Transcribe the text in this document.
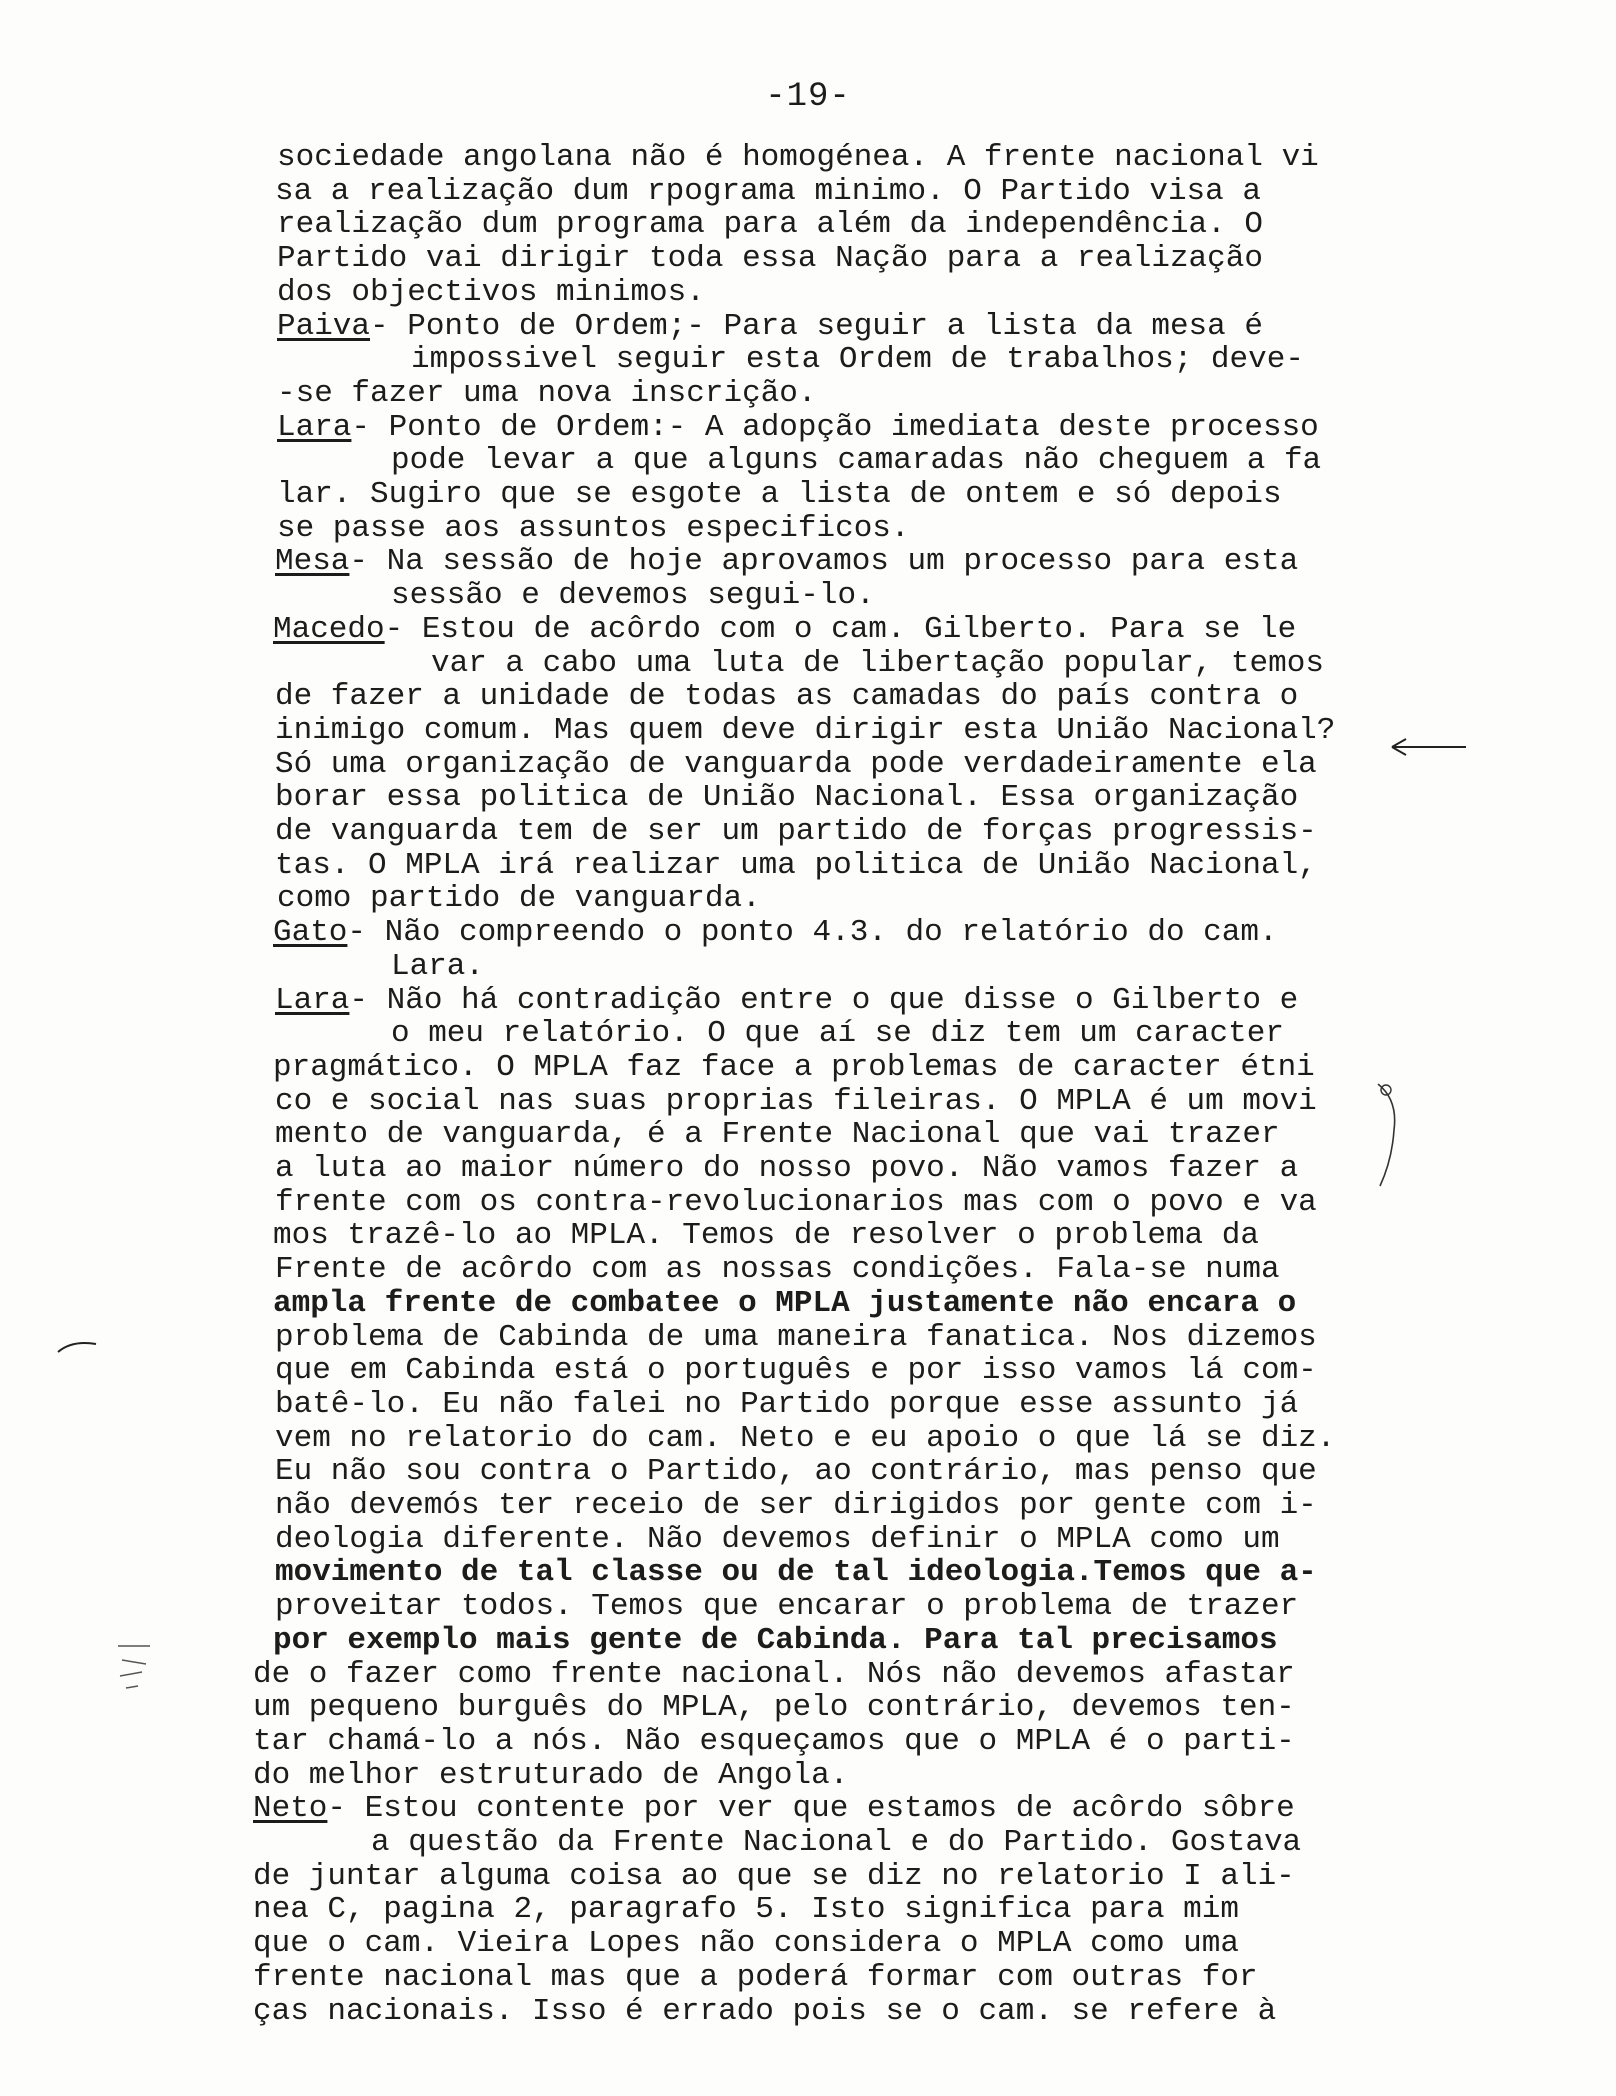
-19-
sociedade angolana não é homogénea. A frente nacional vi
sa a realização dum rpograma minimo. O Partido visa a
realização dum programa para além da independência. O
Partido vai dirigir toda essa Nação para a realização
dos objectivos minimos.
Paiva- Ponto de Ordem;- Para seguir a lista da mesa é
impossivel seguir esta Ordem de trabalhos; deve-
-se fazer uma nova inscrição.
Lara- Ponto de Ordem:- A adopção imediata deste processo
pode levar a que alguns camaradas não cheguem a fa
lar. Sugiro que se esgote a lista de ontem e só depois
se passe aos assuntos especificos.
Mesa- Na sessão de hoje aprovamos um processo para esta
sessão e devemos segui-lo.
Macedo- Estou de acôrdo com o cam. Gilberto. Para se le
var a cabo uma luta de libertação popular, temos
de fazer a unidade de todas as camadas do país contra o
inimigo comum. Mas quem deve dirigir esta União Nacional?
Só uma organização de vanguarda pode verdadeiramente ela
borar essa politica de União Nacional. Essa organização
de vanguarda tem de ser um partido de forças progressis-
tas. O MPLA irá realizar uma politica de União Nacional,
como partido de vanguarda.
Gato- Não compreendo o ponto 4.3. do relatório do cam.
Lara.
Lara- Não há contradição entre o que disse o Gilberto e
o meu relatório. O que aí se diz tem um caracter
pragmático. O MPLA faz face a problemas de caracter étni
co e social nas suas proprias fileiras. O MPLA é um movi
mento de vanguarda, é a Frente Nacional que vai trazer
a luta ao maior número do nosso povo. Não vamos fazer a
frente com os contra-revolucionarios mas com o povo e va
mos trazê-lo ao MPLA. Temos de resolver o problema da
Frente de acôrdo com as nossas condições. Fala-se numa
ampla frente de combatee o MPLA justamente não encara o
problema de Cabinda de uma maneira fanatica. Nos dizemos
que em Cabinda está o português e por isso vamos lá com-
batê-lo. Eu não falei no Partido porque esse assunto já
vem no relatorio do cam. Neto e eu apoio o que lá se diz.
Eu não sou contra o Partido, ao contrário, mas penso que
não devemós ter receio de ser dirigidos por gente com i-
deologia diferente. Não devemos definir o MPLA como um
movimento de tal classe ou de tal ideologia.Temos que a-
proveitar todos. Temos que encarar o problema de trazer
por exemplo mais gente de Cabinda. Para tal precisamos
de o fazer como frente nacional. Nós não devemos afastar
um pequeno burguês do MPLA, pelo contrário, devemos ten-
tar chamá-lo a nós. Não esqueçamos que o MPLA é o parti-
do melhor estruturado de Angola.
Neto- Estou contente por ver que estamos de acôrdo sôbre
a questão da Frente Nacional e do Partido. Gostava
de juntar alguma coisa ao que se diz no relatorio I ali-
nea C, pagina 2, paragrafo 5. Isto significa para mim
que o cam. Vieira Lopes não considera o MPLA como uma
frente nacional mas que a poderá formar com outras for
ças nacionais. Isso é errado pois se o cam. se refere à
